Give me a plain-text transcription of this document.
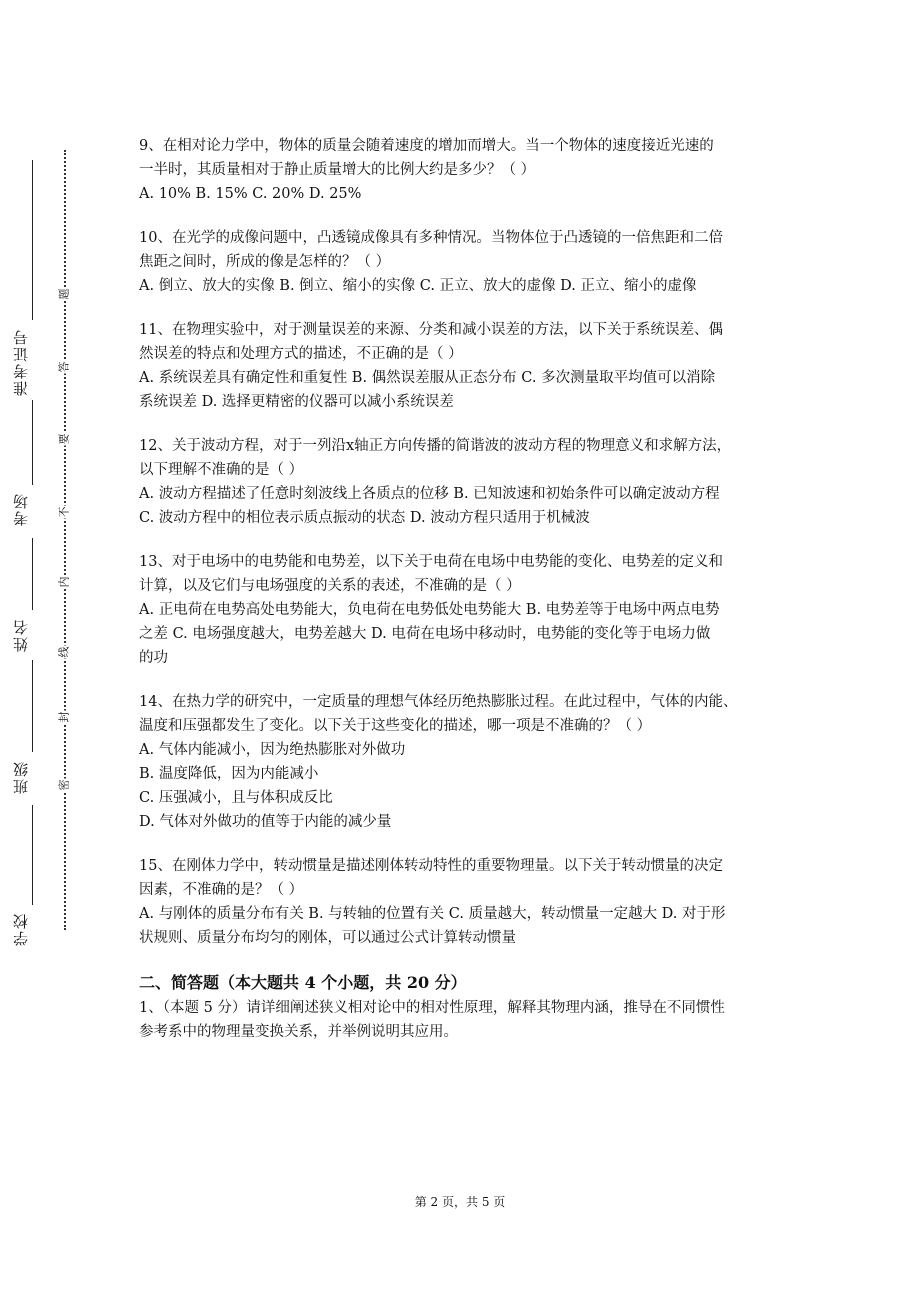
准考证号
考场
姓名
班级
学校
题
答
要
不
内
线
封
密
9、在相对论力学中，物体的质量会随着速度的增加而增大。当一个物体的速度接近光速的
一半时，其质量相对于静止质量增大的比例大约是多少？（ ）
A. 10% B. 15% C. 20% D. 25%
10、在光学的成像问题中，凸透镜成像具有多种情况。当物体位于凸透镜的一倍焦距和二倍
焦距之间时，所成的像是怎样的？（ ）
A. 倒立、放大的实像 B. 倒立、缩小的实像 C. 正立、放大的虚像 D. 正立、缩小的虚像
11、在物理实验中，对于测量误差的来源、分类和减小误差的方法，以下关于系统误差、偶
然误差的特点和处理方式的描述，不正确的是（ ）
A. 系统误差具有确定性和重复性 B. 偶然误差服从正态分布 C. 多次测量取平均值可以消除
系统误差 D. 选择更精密的仪器可以减小系统误差
12、关于波动方程，对于一列沿x轴正方向传播的简谐波的波动方程的物理意义和求解方法，
以下理解不准确的是（ ）
A. 波动方程描述了任意时刻波线上各质点的位移 B. 已知波速和初始条件可以确定波动方程
C. 波动方程中的相位表示质点振动的状态 D. 波动方程只适用于机械波
13、对于电场中的电势能和电势差，以下关于电荷在电场中电势能的变化、电势差的定义和
计算，以及它们与电场强度的关系的表述，不准确的是（ ）
A. 正电荷在电势高处电势能大，负电荷在电势低处电势能大 B. 电势差等于电场中两点电势
之差 C. 电场强度越大，电势差越大 D. 电荷在电场中移动时，电势能的变化等于电场力做
的功
14、在热力学的研究中，一定质量的理想气体经历绝热膨胀过程。在此过程中，气体的内能、
温度和压强都发生了变化。以下关于这些变化的描述，哪一项是不准确的？（ ）
A. 气体内能减小，因为绝热膨胀对外做功
B. 温度降低，因为内能减小
C. 压强减小，且与体积成反比
D. 气体对外做功的值等于内能的减少量
15、在刚体力学中，转动惯量是描述刚体转动特性的重要物理量。以下关于转动惯量的决定
因素，不准确的是？（ ）
A. 与刚体的质量分布有关 B. 与转轴的位置有关 C. 质量越大，转动惯量一定越大 D. 对于形
状规则、质量分布均匀的刚体，可以通过公式计算转动惯量
二、简答题（本大题共 4 个小题，共 20 分）
1、（本题 5 分）请详细阐述狭义相对论中的相对性原理，解释其物理内涵，推导在不同惯性
参考系中的物理量变换关系，并举例说明其应用。
第 2 页，共 5 页
